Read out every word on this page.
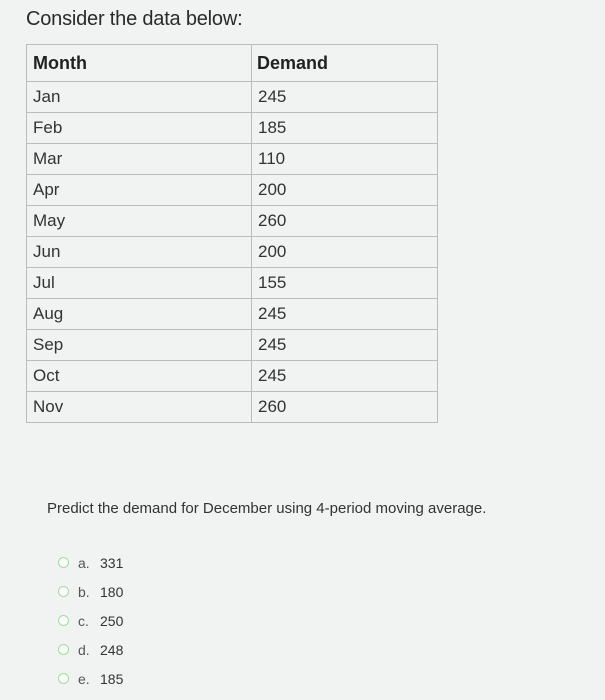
Consider the data below:
Month	Demand
Jan	245
Feb	185
Mar	110
Apr	200
May	260
Jun	200
Jul	155
Aug	245
Sep	245
Oct	245
Nov	260
Predict the demand for December using 4-period moving average.
a. 331
b. 180
c. 250
d. 248
e. 185
